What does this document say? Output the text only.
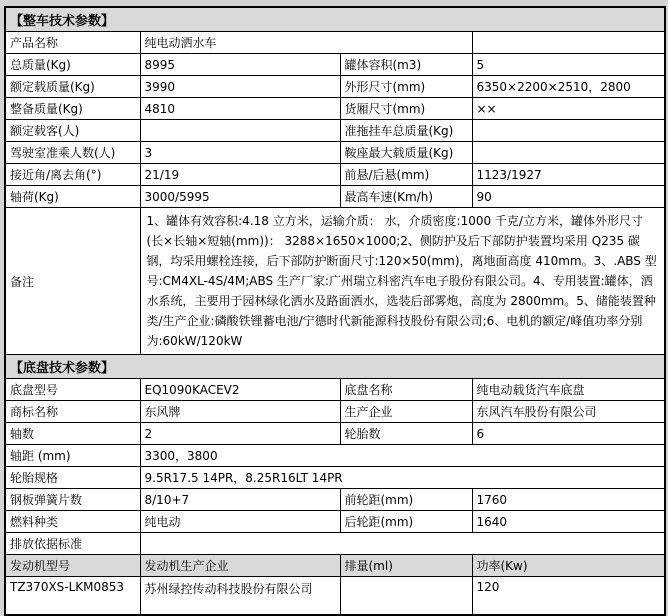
【整车技术参数】			
产品名称	纯电动洒水车		
总质量(Kg)	8995	罐体容积(m3)	5
额定载质量(Kg)	3990	外形尺寸(mm)	6350×2200×2510，2800
整备质量(Kg)	4810	货厢尺寸(mm)	××
额定载客(人)		准拖挂车总质量(Kg)	
驾驶室准乘人数(人)	3	鞍座最大载质量(Kg)	
接近角/离去角(°)	21/19	前悬/后悬(mm)	1123/1927
轴荷(Kg)	3000/5995	最高车速(Km/h)	90
备注	1、罐体有效容积:4.18 立方米，运输介质： 水，介质密度:1000 千克/立方米，罐体外形尺寸(长×长轴×短轴(mm))： 3288×1650×1000;2、侧防护及后下部防护装置均采用 Q235 碳钢，均采用螺栓连接，后下部防护断面尺寸:120×50(mm)，离地面高度 410mm。3、.ABS 型号:CM4XL-4S/4M;ABS 生产厂家:广州瑞立科密汽车电子股份有限公司。4、专用装置:罐体，洒水系统，主要用于园林绿化洒水及路面洒水，选装后部雾炮，高度为 2800mm。5、储能装置种类/生产企业:磷酸铁锂蓄电池/宁德时代新能源科技股份有限公司;6、电机的额定/峰值功率分别为:60kW/120kW		
【底盘技术参数】			
底盘型号	EQ1090KACEV2	底盘名称	纯电动载货汽车底盘
商标名称	东风牌	生产企业	东风汽车股份有限公司
轴数	2	轮胎数	6
轴距 (mm)	3300，3800		
轮胎规格	9.5R17.5 14PR，8.25R16LT 14PR		
钢板弹簧片数	8/10+7	前轮距(mm)	1760
燃料种类	纯电动	后轮距(mm)	1640
排放依据标准			
发动机型号	发动机生产企业	排量(ml)	功率(Kw)
TZ370XS-LKM0853	苏州绿控传动科技股份有限公司		120
